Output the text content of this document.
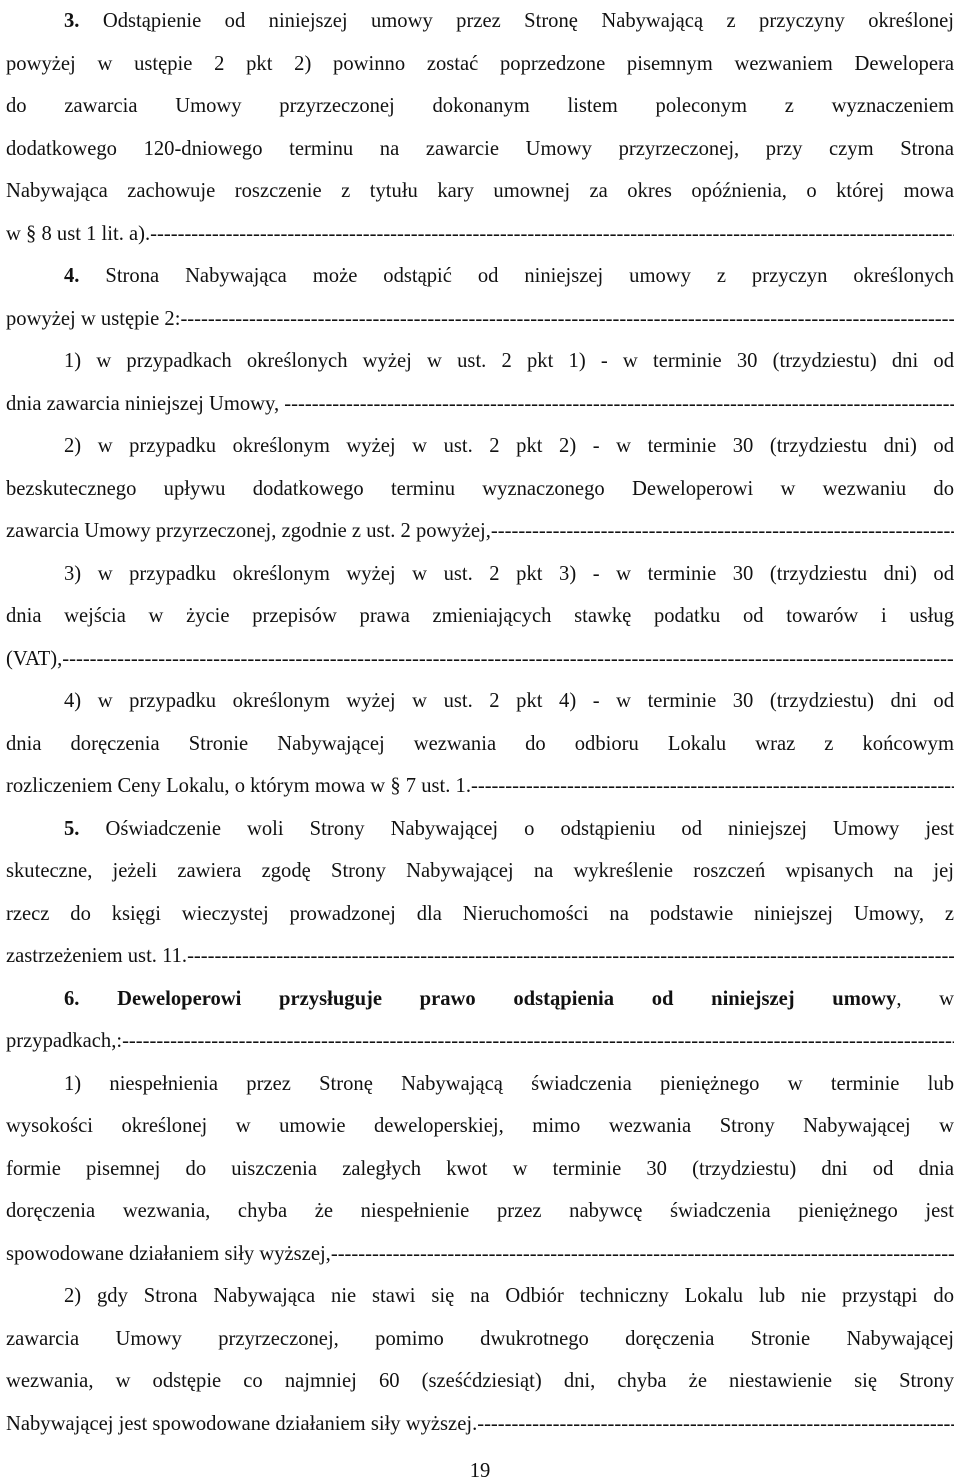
3. Odstąpienie od niniejszej umowy przez Stronę Nabywającą z przyczyny określonej
powyżej w ustępie 2 pkt 2) powinno zostać poprzedzone pisemnym wezwaniem Dewelopera
do zawarcia Umowy przyrzeczonej dokonanym listem poleconym z wyznaczeniem
dodatkowego 120-dniowego terminu na zawarcie Umowy przyrzeczonej, przy czym Strona
Nabywająca zachowuje roszczenie z tytułu kary umownej za okres opóźnienia, o której mowa
w § 8 ust 1 lit. a). -----
4. Strona Nabywająca może odstąpić od niniejszej umowy z przyczyn określonych
powyżej w ustępie 2: -----
1) w przypadkach określonych wyżej w ust. 2 pkt 1) - w terminie 30 (trzydziestu) dni od
dnia zawarcia niniejszej Umowy, -----
2) w przypadku określonym wyżej w ust. 2 pkt 2) - w terminie 30 (trzydziestu dni) od
bezskutecznego upływu dodatkowego terminu wyznaczonego Deweloperowi w wezwaniu do
zawarcia Umowy przyrzeczonej, zgodnie z ust. 2 powyżej, -----
3) w przypadku określonym wyżej w ust. 2 pkt 3) - w terminie 30 (trzydziestu dni) od
dnia wejścia w życie przepisów prawa zmieniających stawkę podatku od towarów i usług
(VAT), -----
4) w przypadku określonym wyżej w ust. 2 pkt 4) - w terminie 30 (trzydziestu) dni od
dnia doręczenia Stronie Nabywającej wezwania do odbioru Lokalu wraz z końcowym
rozliczeniem Ceny Lokalu, o którym mowa w § 7 ust. 1. -----
5. Oświadczenie woli Strony Nabywającej o odstąpieniu od niniejszej Umowy jest
skuteczne, jeżeli zawiera zgodę Strony Nabywającej na wykreślenie roszczeń wpisanych na jej
rzecz do księgi wieczystej prowadzonej dla Nieruchomości na podstawie niniejszej Umowy, z
zastrzeżeniem ust. 11. -----
6. Deweloperowi przysługuje prawo odstąpienia od niniejszej umowy, w
przypadkach,: -----
1) niespełnienia przez Stronę Nabywającą świadczenia pieniężnego w terminie lub
wysokości określonej w umowie deweloperskiej, mimo wezwania Strony Nabywającej w
formie pisemnej do uiszczenia zaległych kwot w terminie 30 (trzydziestu) dni od dnia
doręczenia wezwania, chyba że niespełnienie przez nabywcę świadczenia pieniężnego jest
spowodowane działaniem siły wyższej, -----
2) gdy Strona Nabywająca nie stawi się na Odbiór techniczny Lokalu lub nie przystąpi do
zawarcia Umowy przyrzeczonej, pomimo dwukrotnego doręczenia Stronie Nabywającej
wezwania, w odstępie co najmniej 60 (sześćdziesiąt) dni, chyba że niestawienie się Strony
Nabywającej jest spowodowane działaniem siły wyższej. -----
19
